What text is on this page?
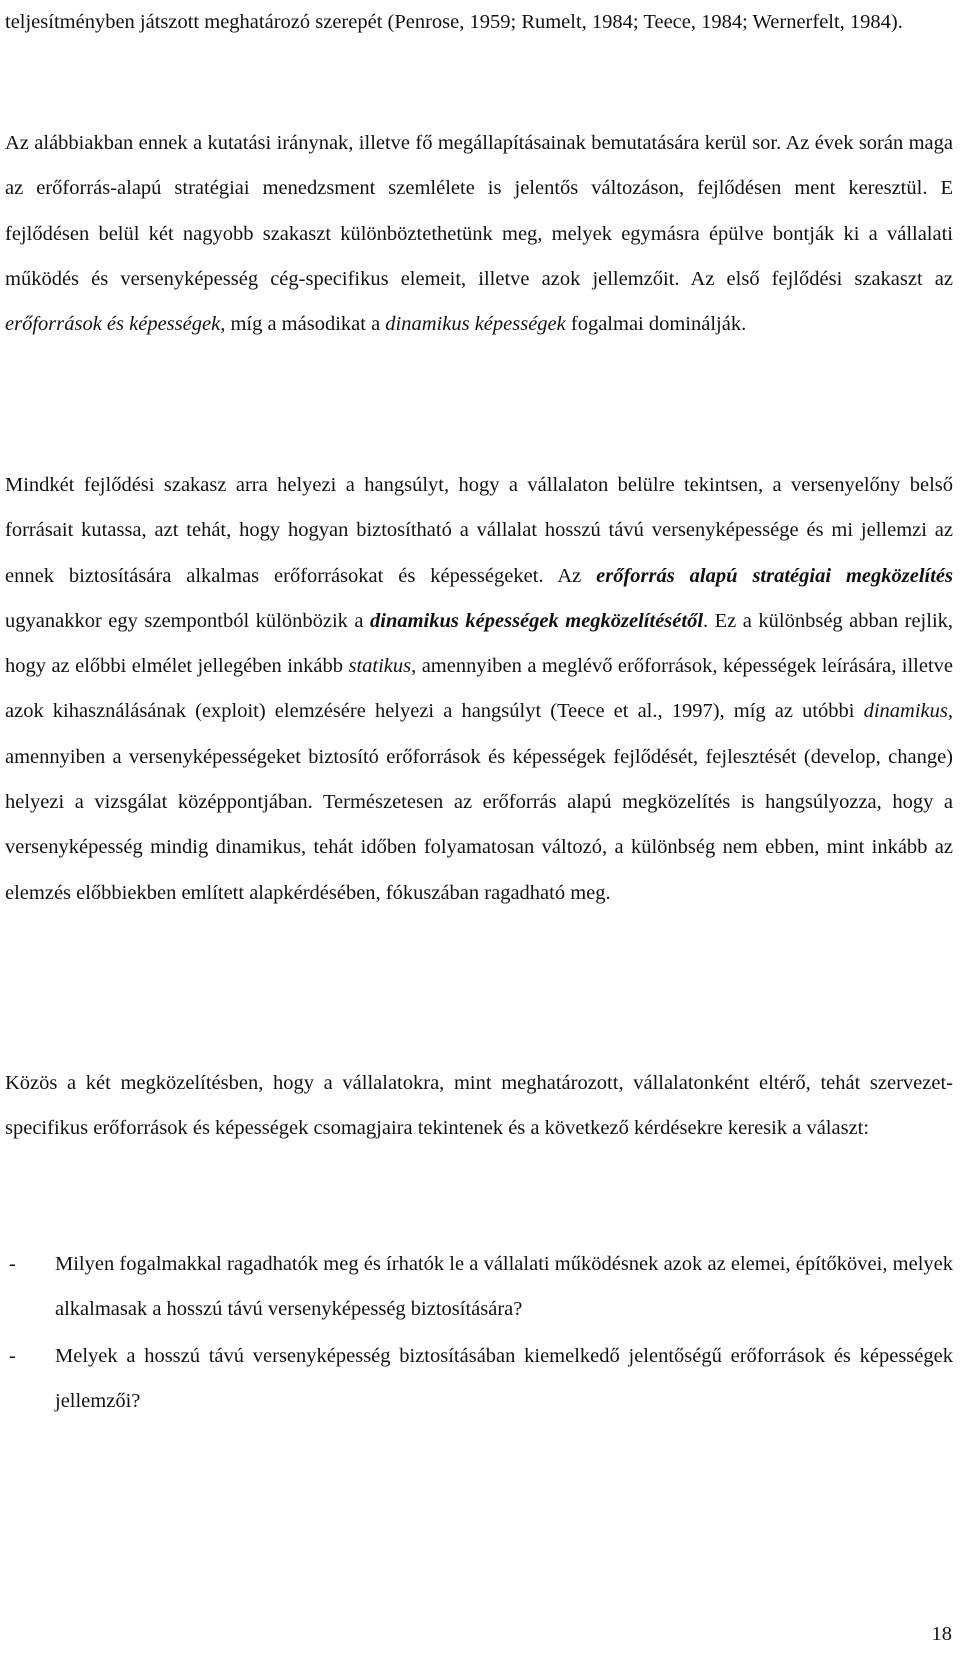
teljesítményben játszott meghatározó szerepét (Penrose, 1959; Rumelt, 1984; Teece, 1984; Wernerfelt, 1984).

Az alábbiakban ennek a kutatási iránynak, illetve fő megállapításainak bemutatására kerül sor. Az évek során maga az erőforrás-alapú stratégiai menedzsment szemlélete is jelentős változáson, fejlődésen ment keresztül. E fejlődésen belül két nagyobb szakaszt különböztethetünk meg, melyek egymásra épülve bontják ki a vállalati működés és versenyképesség cég-specifikus elemeit, illetve azok jellemzőit. Az első fejlődési szakaszt az erőforrások és képességek, míg a másodikat a dinamikus képességek fogalmai dominálják.

Mindkét fejlődési szakasz arra helyezi a hangsúlyt, hogy a vállalaton belülre tekintsen, a versenyelőny belső forrásait kutassa, azt tehát, hogy hogyan biztosítható a vállalat hosszú távú versenyképessége és mi jellemzi az ennek biztosítására alkalmas erőforrásokat és képességeket. Az erőforrás alapú stratégiai megközelítés ugyanakkor egy szempontból különbözik a dinamikus képességek megközelítésétől. Ez a különbség abban rejlik, hogy az előbbi elmélet jellegében inkább statikus, amennyiben a meglévő erőforrások, képességek leírására, illetve azok kihasználásának (exploit) elemzésére helyezi a hangsúlyt (Teece et al., 1997), míg az utóbbi dinamikus, amennyiben a versenyképességeket biztosító erőforrások és képességek fejlődését, fejlesztését (develop, change) helyezi a vizsgálat középpontjában. Természetesen az erőforrás alapú megközelítés is hangsúlyozza, hogy a versenyképesség mindig dinamikus, tehát időben folyamatosan változó, a különbség nem ebben, mint inkább az elemzés előbbiekben említett alapkérdésében, fókuszában ragadható meg.

Közös a két megközelítésben, hogy a vállalatokra, mint meghatározott, vállalatonként eltérő, tehát szervezet-specifikus erőforrások és képességek csomagjaira tekintenek és a következő kérdésekre keresik a választ:

- Milyen fogalmakkal ragadhatók meg és írhatók le a vállalati működésnek azok az elemei, építőkövei, melyek alkalmasak a hosszú távú versenyképesség biztosítására?
- Melyek a hosszú távú versenyképesség biztosításában kiemelkedő jelentőségű erőforrások és képességek jellemzői?
18
